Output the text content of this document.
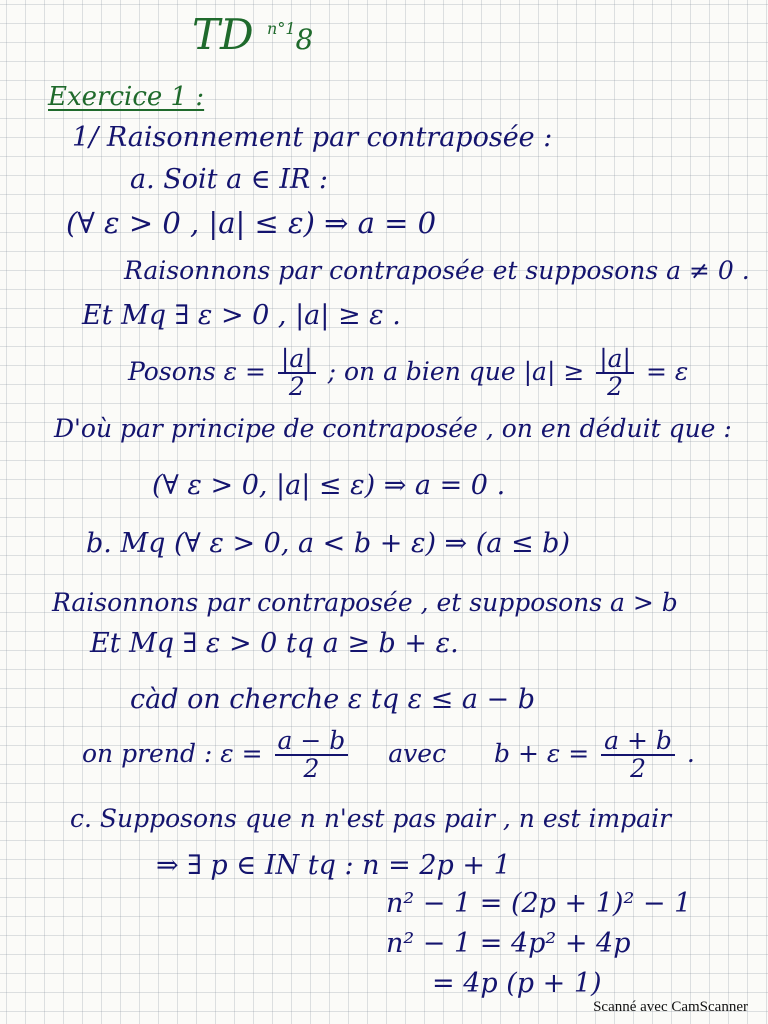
TD $^{n^\circ 1}$8
Exercice 1 :
1/ Raisonnement par contraposée :
a. Soit a ∈ IR :
(∀ ε > 0 , |a| ≤ ε) ⇒ a = 0
Raisonnons par contraposée et supposons a ≠ 0 .
Et Mq ∃ ε > 0 , |a| ≥ ε .
Posons $\varepsilon = \frac{|a|}{2}$ ; on a bien que $|a| \ge \frac{|a|}{2} = \varepsilon$
D'où par principe de contraposée , on en déduit que :
(∀ ε > 0, |a| ≤ ε) ⇒ a = 0 .
b. Mq (∀ ε > 0, a < b + ε) ⇒ (a ≤ b)
Raisonnons par contraposée , et supposons a > b
Et Mq ∃ ε > 0 tq a ≥ b + ε.
càd on cherche ε tq ε ≤ a − b
on prend : $\varepsilon = \frac{a - b}{2}$ avec $b + \varepsilon = \frac{a + b}{2}$ .
c. Supposons que n n'est pas pair , n est impair
⇒ ∃ p ∈ IN tq : n = 2p + 1
n² − 1 = (2p + 1)² − 1
n² − 1 = 4p² + 4p
= 4p (p + 1)
Scanné avec CamScanner
